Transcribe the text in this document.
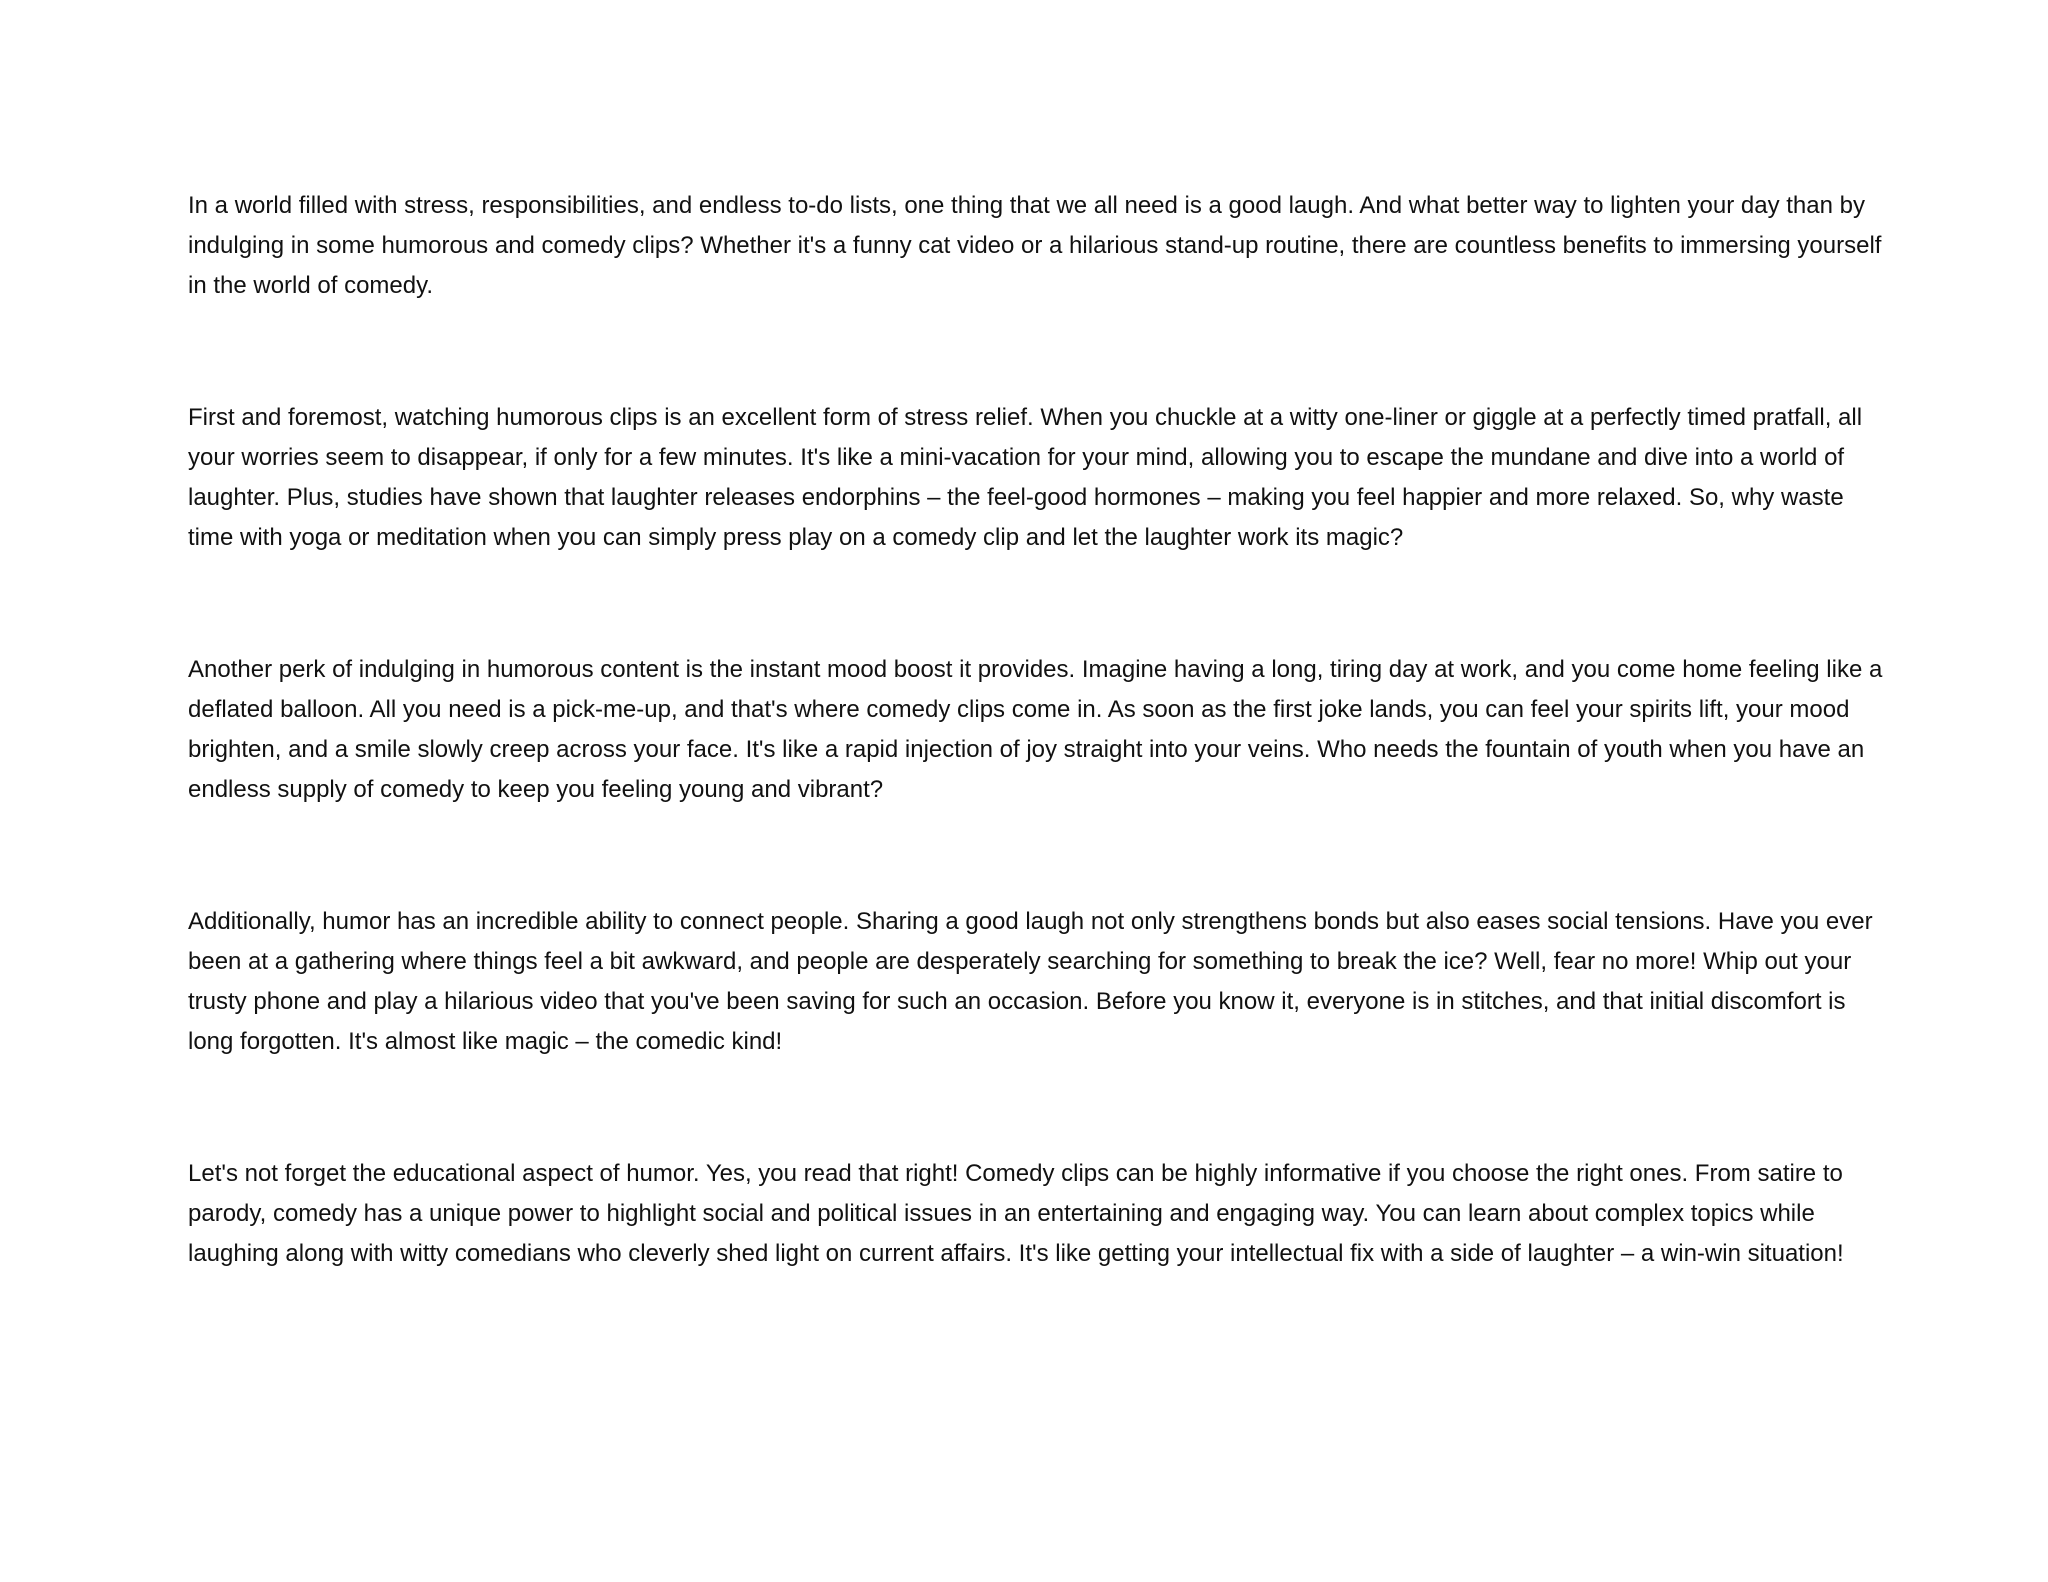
In a world filled with stress, responsibilities, and endless to-do lists, one thing that we all need is a good laugh. And what better way to lighten your day than by indulging in some humorous and comedy clips? Whether it's a funny cat video or a hilarious stand-up routine, there are countless benefits to immersing yourself in the world of comedy.

First and foremost, watching humorous clips is an excellent form of stress relief. When you chuckle at a witty one-liner or giggle at a perfectly timed pratfall, all your worries seem to disappear, if only for a few minutes. It's like a mini-vacation for your mind, allowing you to escape the mundane and dive into a world of laughter. Plus, studies have shown that laughter releases endorphins – the feel-good hormones – making you feel happier and more relaxed. So, why waste time with yoga or meditation when you can simply press play on a comedy clip and let the laughter work its magic?

Another perk of indulging in humorous content is the instant mood boost it provides. Imagine having a long, tiring day at work, and you come home feeling like a deflated balloon. All you need is a pick-me-up, and that's where comedy clips come in. As soon as the first joke lands, you can feel your spirits lift, your mood brighten, and a smile slowly creep across your face. It's like a rapid injection of joy straight into your veins. Who needs the fountain of youth when you have an endless supply of comedy to keep you feeling young and vibrant?

Additionally, humor has an incredible ability to connect people. Sharing a good laugh not only strengthens bonds but also eases social tensions. Have you ever been at a gathering where things feel a bit awkward, and people are desperately searching for something to break the ice? Well, fear no more! Whip out your trusty phone and play a hilarious video that you've been saving for such an occasion. Before you know it, everyone is in stitches, and that initial discomfort is long forgotten. It's almost like magic – the comedic kind!

Let's not forget the educational aspect of humor. Yes, you read that right! Comedy clips can be highly informative if you choose the right ones. From satire to parody, comedy has a unique power to highlight social and political issues in an entertaining and engaging way. You can learn about complex topics while laughing along with witty comedians who cleverly shed light on current affairs. It's like getting your intellectual fix with a side of laughter – a win-win situation!
